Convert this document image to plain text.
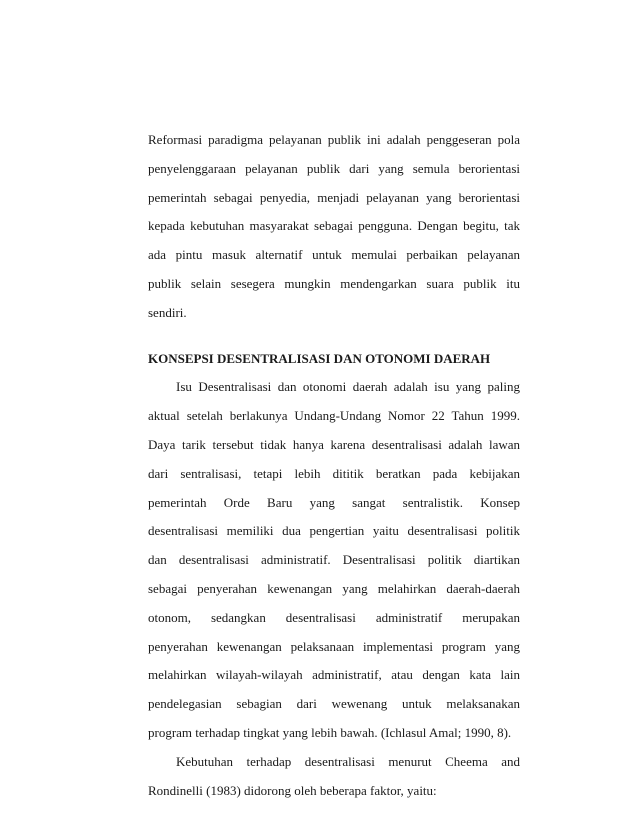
Reformasi paradigma pelayanan publik ini adalah penggeseran pola
penyelenggaraan pelayanan publik dari yang semula berorientasi
pemerintah sebagai penyedia, menjadi pelayanan yang berorientasi
kepada kebutuhan masyarakat sebagai pengguna. Dengan begitu, tak
ada pintu masuk alternatif untuk memulai perbaikan pelayanan
publik selain sesegera mungkin mendengarkan suara publik itu
sendiri.
KONSEPSI DESENTRALISASI DAN OTONOMI DAERAH
Isu Desentralisasi dan otonomi daerah adalah isu yang paling
aktual setelah berlakunya Undang-Undang Nomor 22 Tahun 1999.
Daya tarik tersebut tidak hanya karena desentralisasi adalah lawan
dari sentralisasi, tetapi lebih dititik beratkan pada kebijakan
pemerintah Orde Baru yang sangat sentralistik. Konsep
desentralisasi memiliki dua pengertian yaitu desentralisasi politik
dan desentralisasi administratif. Desentralisasi politik diartikan
sebagai penyerahan kewenangan yang melahirkan daerah-daerah
otonom, sedangkan desentralisasi administratif merupakan
penyerahan kewenangan pelaksanaan implementasi program yang
melahirkan wilayah-wilayah administratif, atau dengan kata lain
pendelegasian sebagian dari wewenang untuk melaksanakan
program terhadap tingkat yang lebih bawah. (Ichlasul Amal; 1990, 8).
Kebutuhan terhadap desentralisasi menurut Cheema and
Rondinelli (1983) didorong oleh beberapa faktor, yaitu:
